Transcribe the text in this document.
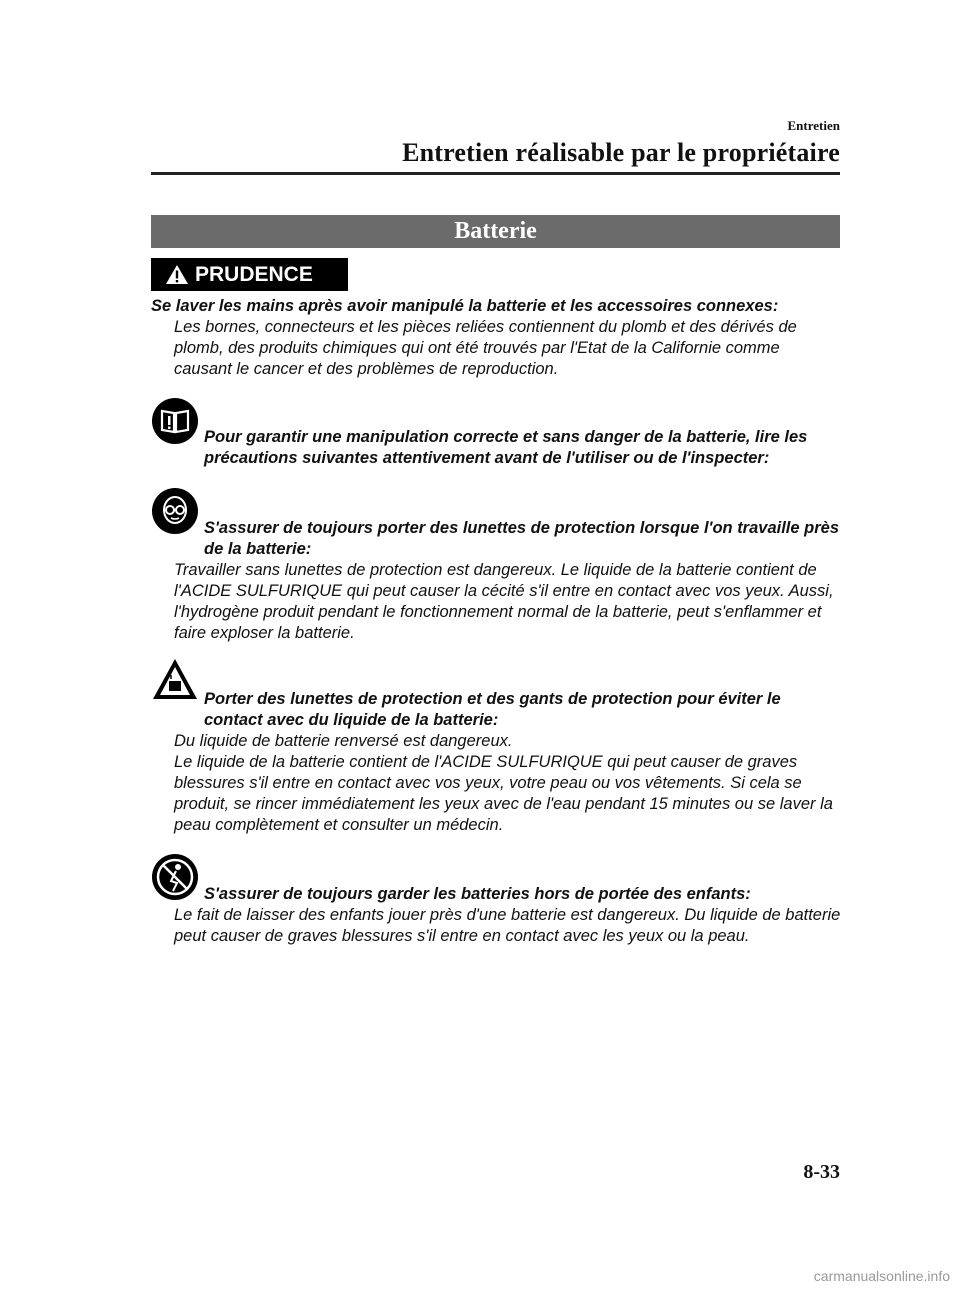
Entretien
Entretien réalisable par le propriétaire
Batterie
PRUDENCE
Se laver les mains après avoir manipulé la batterie et les accessoires connexes:
Les bornes, connecteurs et les pièces reliées contiennent du plomb et des dérivés de plomb, des produits chimiques qui ont été trouvés par l'Etat de la Californie comme causant le cancer et des problèmes de reproduction.
Pour garantir une manipulation correcte et sans danger de la batterie, lire les précautions suivantes attentivement avant de l'utiliser ou de l'inspecter:
S'assurer de toujours porter des lunettes de protection lorsque l'on travaille près de la batterie:
Travailler sans lunettes de protection est dangereux. Le liquide de la batterie contient de l'ACIDE SULFURIQUE qui peut causer la cécité s'il entre en contact avec vos yeux. Aussi, l'hydrogène produit pendant le fonctionnement normal de la batterie, peut s'enflammer et faire exploser la batterie.
Porter des lunettes de protection et des gants de protection pour éviter le contact avec du liquide de la batterie:
Du liquide de batterie renversé est dangereux.
Le liquide de la batterie contient de l'ACIDE SULFURIQUE qui peut causer de graves blessures s'il entre en contact avec vos yeux, votre peau ou vos vêtements. Si cela se produit, se rincer immédiatement les yeux avec de l'eau pendant 15 minutes ou se laver la peau complètement et consulter un médecin.
S'assurer de toujours garder les batteries hors de portée des enfants:
Le fait de laisser des enfants jouer près d'une batterie est dangereux. Du liquide de batterie peut causer de graves blessures s'il entre en contact avec les yeux ou la peau.
8-33
carmanualsonline.info
